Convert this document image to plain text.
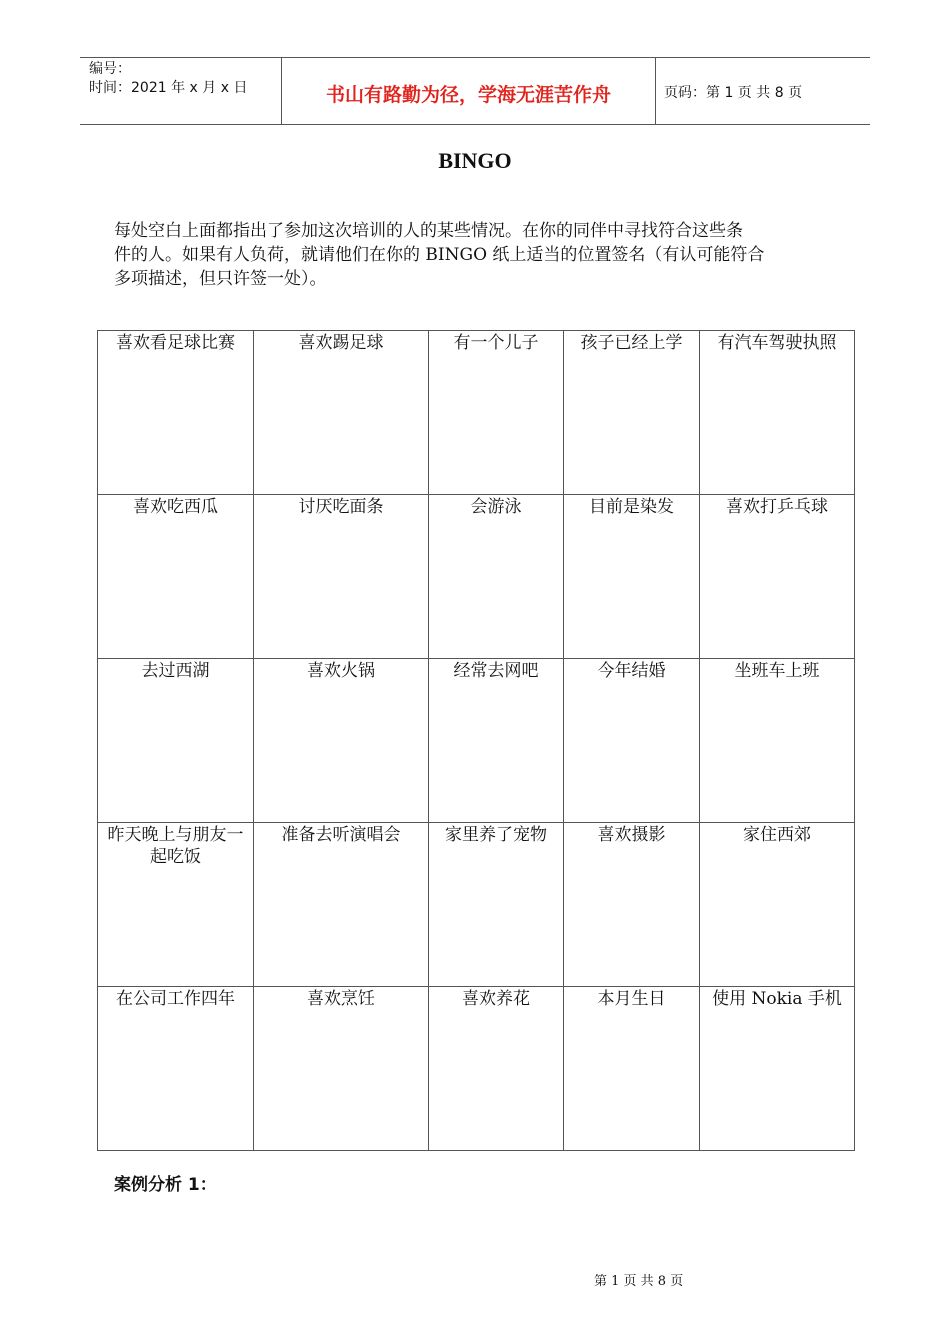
编号：
时间：2021 年 x 月 x 日	书山有路勤为径，学海无涯苦作舟	页码：第 1 页 共 8 页
BINGO
每处空白上面都指出了参加这次培训的人的某些情况。在你的同伴中寻找符合这些条
件的人。如果有人负荷，就请他们在你的 BINGO 纸上适当的位置签名（有认可能符合
多项描述，但只许签一处）。
喜欢看足球比赛	喜欢踢足球	有一个儿子	孩子已经上学	有汽车驾驶执照

喜欢吃西瓜	讨厌吃面条	会游泳	目前是染发	喜欢打乒乓球

去过西湖	喜欢火锅	经常去网吧	今年结婚	坐班车上班

昨天晚上与朋友一起吃饭	准备去听演唱会	家里养了宠物	喜欢摄影	家住西郊

在公司工作四年	喜欢烹饪	喜欢养花	本月生日	使用 Nokia 手机
案例分析 1：
第 1 页 共 8 页
